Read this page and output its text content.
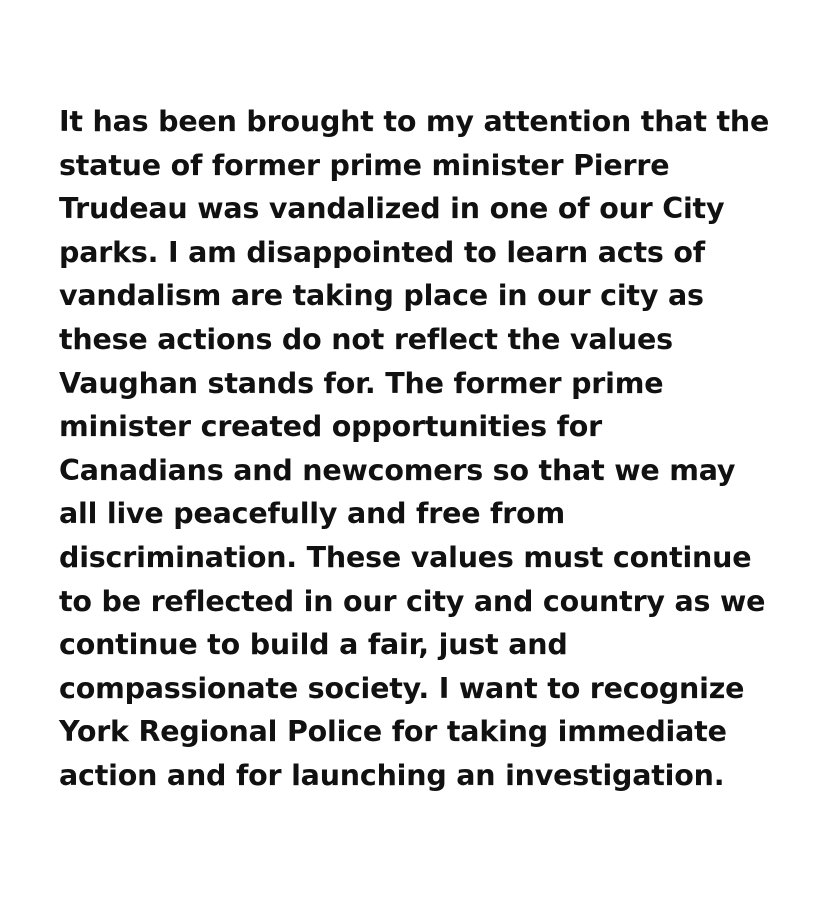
It has been brought to my attention that the
statue of former prime minister Pierre
Trudeau was vandalized in one of our City
parks. I am disappointed to learn acts of
vandalism are taking place in our city as
these actions do not reflect the values
Vaughan stands for. The former prime
minister created opportunities for
Canadians and newcomers so that we may
all live peacefully and free from
discrimination. These values must continue
to be reflected in our city and country as we
continue to build a fair, just and
compassionate society. I want to recognize
York Regional Police for taking immediate
action and for launching an investigation.
